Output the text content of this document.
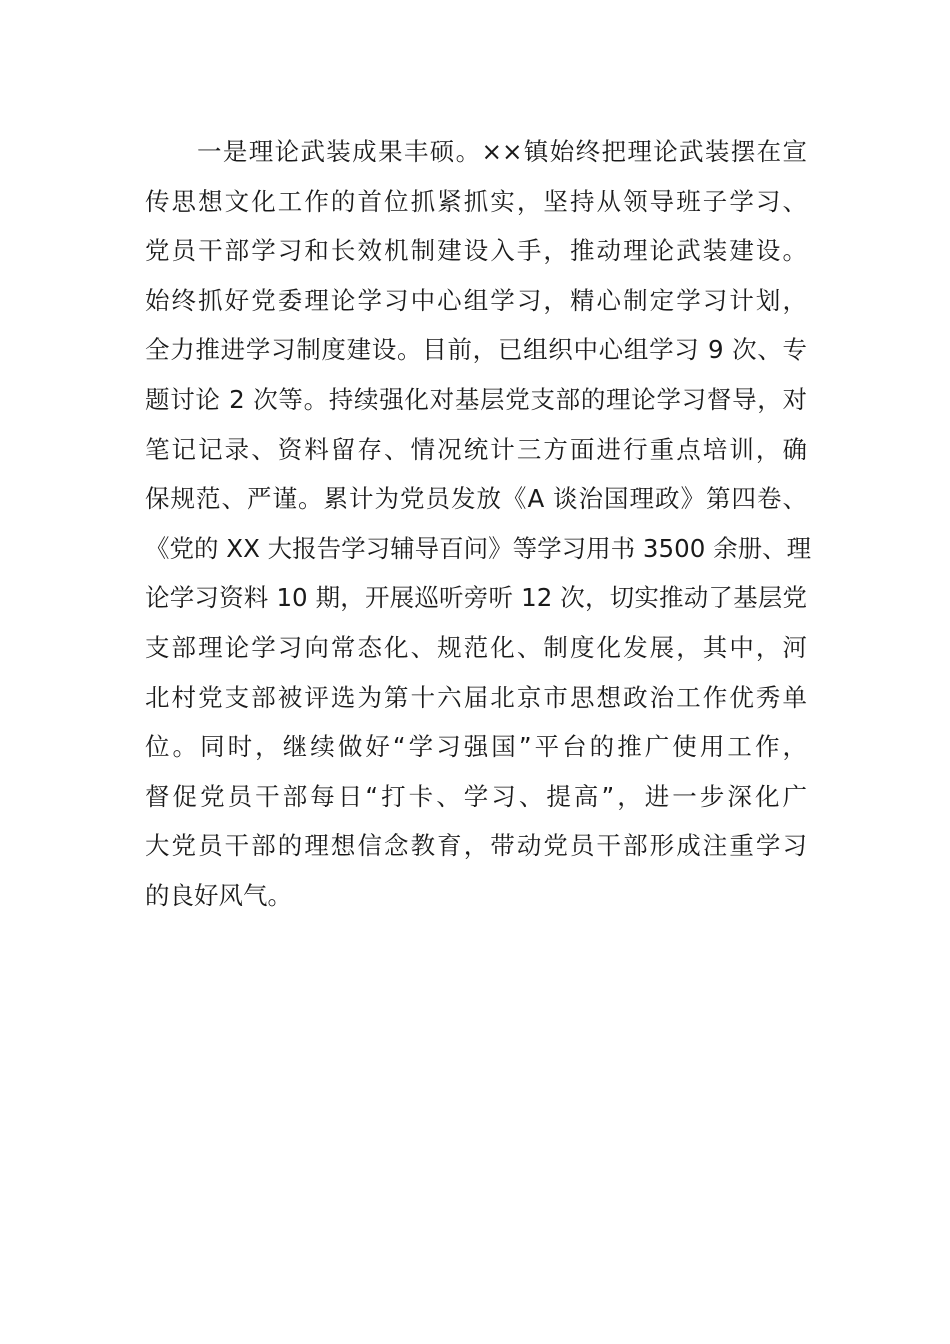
一是理论武装成果丰硕。××镇始终把理论武装摆在宣
传思想文化工作的首位抓紧抓实，坚持从领导班子学习、
党员干部学习和长效机制建设入手，推动理论武装建设。
始终抓好党委理论学习中心组学习，精心制定学习计划，
全力推进学习制度建设。目前，已组织中心组学习 9 次、专
题讨论 2 次等。持续强化对基层党支部的理论学习督导，对
笔记记录、资料留存、情况统计三方面进行重点培训，确
保规范、严谨。累计为党员发放《A 谈治国理政》第四卷、
《党的 XX 大报告学习辅导百问》等学习用书 3500 余册、理
论学习资料 10 期，开展巡听旁听 12 次，切实推动了基层党
支部理论学习向常态化、规范化、制度化发展，其中，河
北村党支部被评选为第十六届北京市思想政治工作优秀单
位。同时，继续做好“学习强国”平台的推广使用工作，
督促党员干部每日“打卡、学习、提高”，进一步深化广
大党员干部的理想信念教育，带动党员干部形成注重学习
的良好风气。
